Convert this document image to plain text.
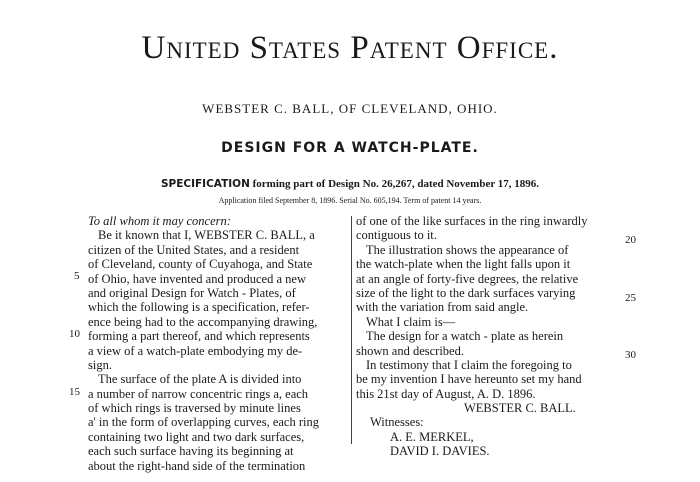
United States Patent Office.
WEBSTER C. BALL, OF CLEVELAND, OHIO.
DESIGN FOR A WATCH-PLATE.
SPECIFICATION forming part of Design No. 26,267, dated November 17, 1896.
Application filed September 8, 1896. Serial No. 605,194. Term of patent 14 years.
To all whom it may concern:
Be it known that I, WEBSTER C. BALL, a
citizen of the United States, and a resident
of Cleveland, county of Cuyahoga, and State
of Ohio, have invented and produced a new
and original Design for Watch - Plates, of
which the following is a specification, refer-
ence being had to the accompanying drawing,
forming a part thereof, and which represents
a view of a watch-plate embodying my de-
sign.
The surface of the plate A is divided into
a number of narrow concentric rings a, each
of which rings is traversed by minute lines
a' in the form of overlapping curves, each ring
containing two light and two dark surfaces,
each such surface having its beginning at
about the right-hand side of the termination
of one of the like surfaces in the ring inwardly
contiguous to it.
The illustration shows the appearance of
the watch-plate when the light falls upon it
at an angle of forty-five degrees, the relative
size of the light to the dark surfaces varying
with the variation from said angle.
What I claim is—
The design for a watch - plate as herein
shown and described.
In testimony that I claim the foregoing to
be my invention I have hereunto set my hand
this 21st day of August, A. D. 1896.
WEBSTER C. BALL.
Witnesses:
A. E. MERKEL,
DAVID I. DAVIES.
5
10
15
20
25
30
